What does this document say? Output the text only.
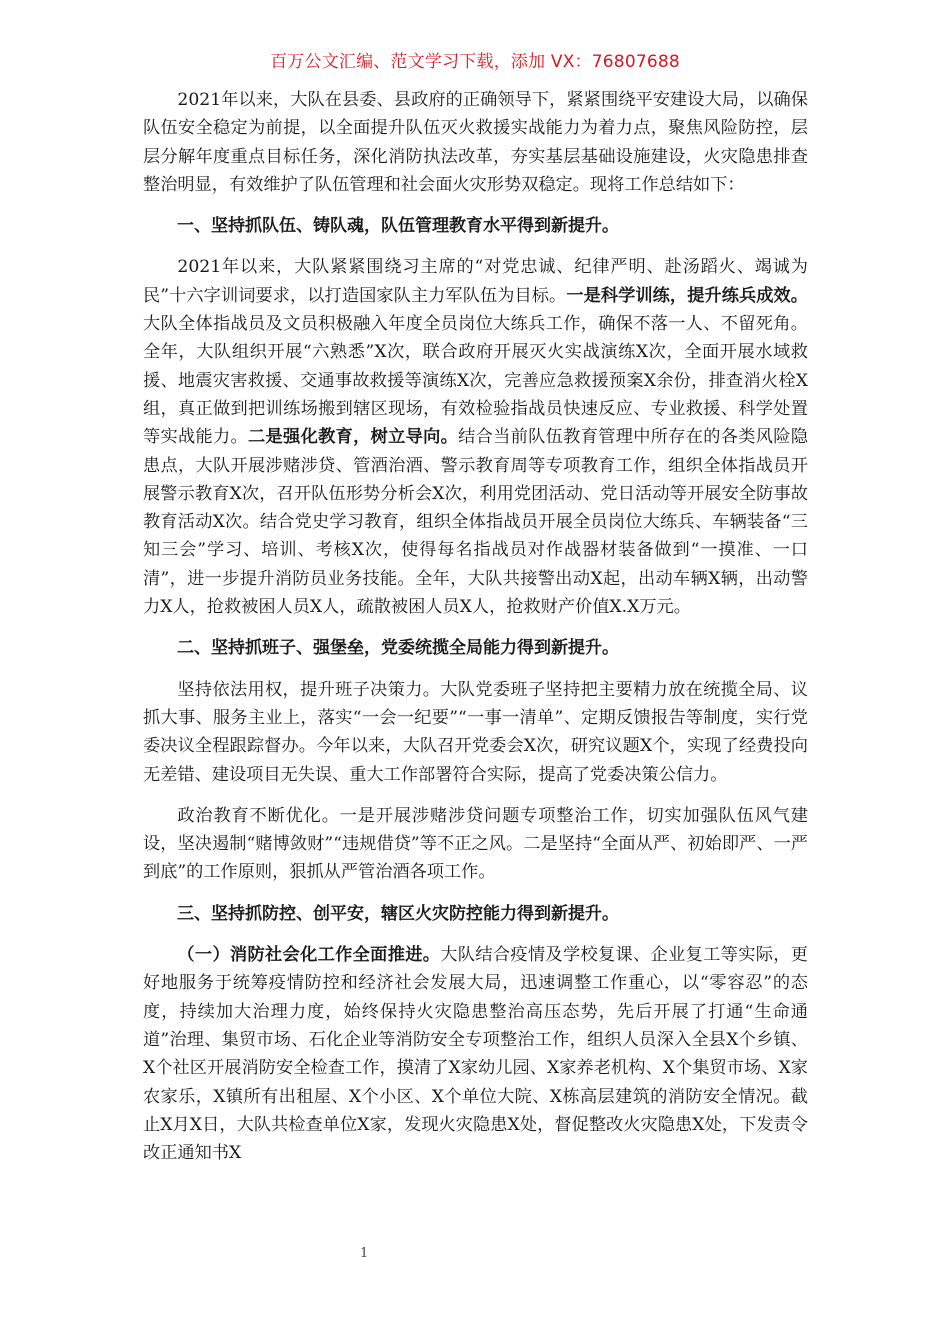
百万公文汇编、范文学习下载，添加 VX：76807688

2021年以来，大队在县委、县政府的正确领导下，紧紧围绕平安建设大局，以确保队伍安全稳定为前提，以全面提升队伍灭火救援实战能力为着力点，聚焦风险防控，层层分解年度重点目标任务，深化消防执法改革，夯实基层基础设施建设，火灾隐患排查整治明显，有效维护了队伍管理和社会面火灾形势双稳定。现将工作总结如下：

一、坚持抓队伍、铸队魂，队伍管理教育水平得到新提升。

2021年以来，大队紧紧围绕习主席的“对党忠诚、纪律严明、赴汤蹈火、竭诚为民”十六字训词要求，以打造国家队主力军队伍为目标。一是科学训练，提升练兵成效。大队全体指战员及文员积极融入年度全员岗位大练兵工作，确保不落一人、不留死角。全年，大队组织开展“六熟悉”X次，联合政府开展灭火实战演练X次，全面开展水域救援、地震灾害救援、交通事故救援等演练X次，完善应急救援预案X余份，排查消火栓X组，真正做到把训练场搬到辖区现场，有效检验指战员快速反应、专业救援、科学处置等实战能力。二是强化教育，树立导向。结合当前队伍教育管理中所存在的各类风险隐患点，大队开展涉赌涉贷、管酒治酒、警示教育周等专项教育工作，组织全体指战员开展警示教育X次，召开队伍形势分析会X次，利用党团活动、党日活动等开展安全防事故教育活动X次。结合党史学习教育，组织全体指战员开展全员岗位大练兵、车辆装备“三知三会”学习、培训、考核X次，使得每名指战员对作战器材装备做到“一摸准、一口清”，进一步提升消防员业务技能。全年，大队共接警出动X起，出动车辆X辆，出动警力X人，抢救被困人员X人，疏散被困人员X人，抢救财产价值X.X万元。

二、坚持抓班子、强堡垒，党委统揽全局能力得到新提升。

坚持依法用权，提升班子决策力。大队党委班子坚持把主要精力放在统揽全局、议抓大事、服务主业上，落实“一会一纪要”“一事一清单”、定期反馈报告等制度，实行党委决议全程跟踪督办。今年以来，大队召开党委会X次，研究议题X个，实现了经费投向无差错、建设项目无失误、重大工作部署符合实际，提高了党委决策公信力。

政治教育不断优化。一是开展涉赌涉贷问题专项整治工作，切实加强队伍风气建设，坚决遏制“赌博敛财”“违规借贷”等不正之风。二是坚持“全面从严、初始即严、一严到底”的工作原则，狠抓从严管治酒各项工作。

三、坚持抓防控、创平安，辖区火灾防控能力得到新提升。

（一）消防社会化工作全面推进。大队结合疫情及学校复课、企业复工等实际，更好地服务于统筹疫情防控和经济社会发展大局，迅速调整工作重心，以“零容忍”的态度，持续加大治理力度，始终保持火灾隐患整治高压态势，先后开展了打通“生命通道”治理、集贸市场、石化企业等消防安全专项整治工作，组织人员深入全县X个乡镇、X个社区开展消防安全检查工作，摸清了X家幼儿园、X家养老机构、X个集贸市场、X家农家乐，X镇所有出租屋、X个小区、X个单位大院、X栋高层建筑的消防安全情况。截止X月X日，大队共检查单位X家，发现火灾隐患X处，督促整改火灾隐患X处，下发责令改正通知书X

1
